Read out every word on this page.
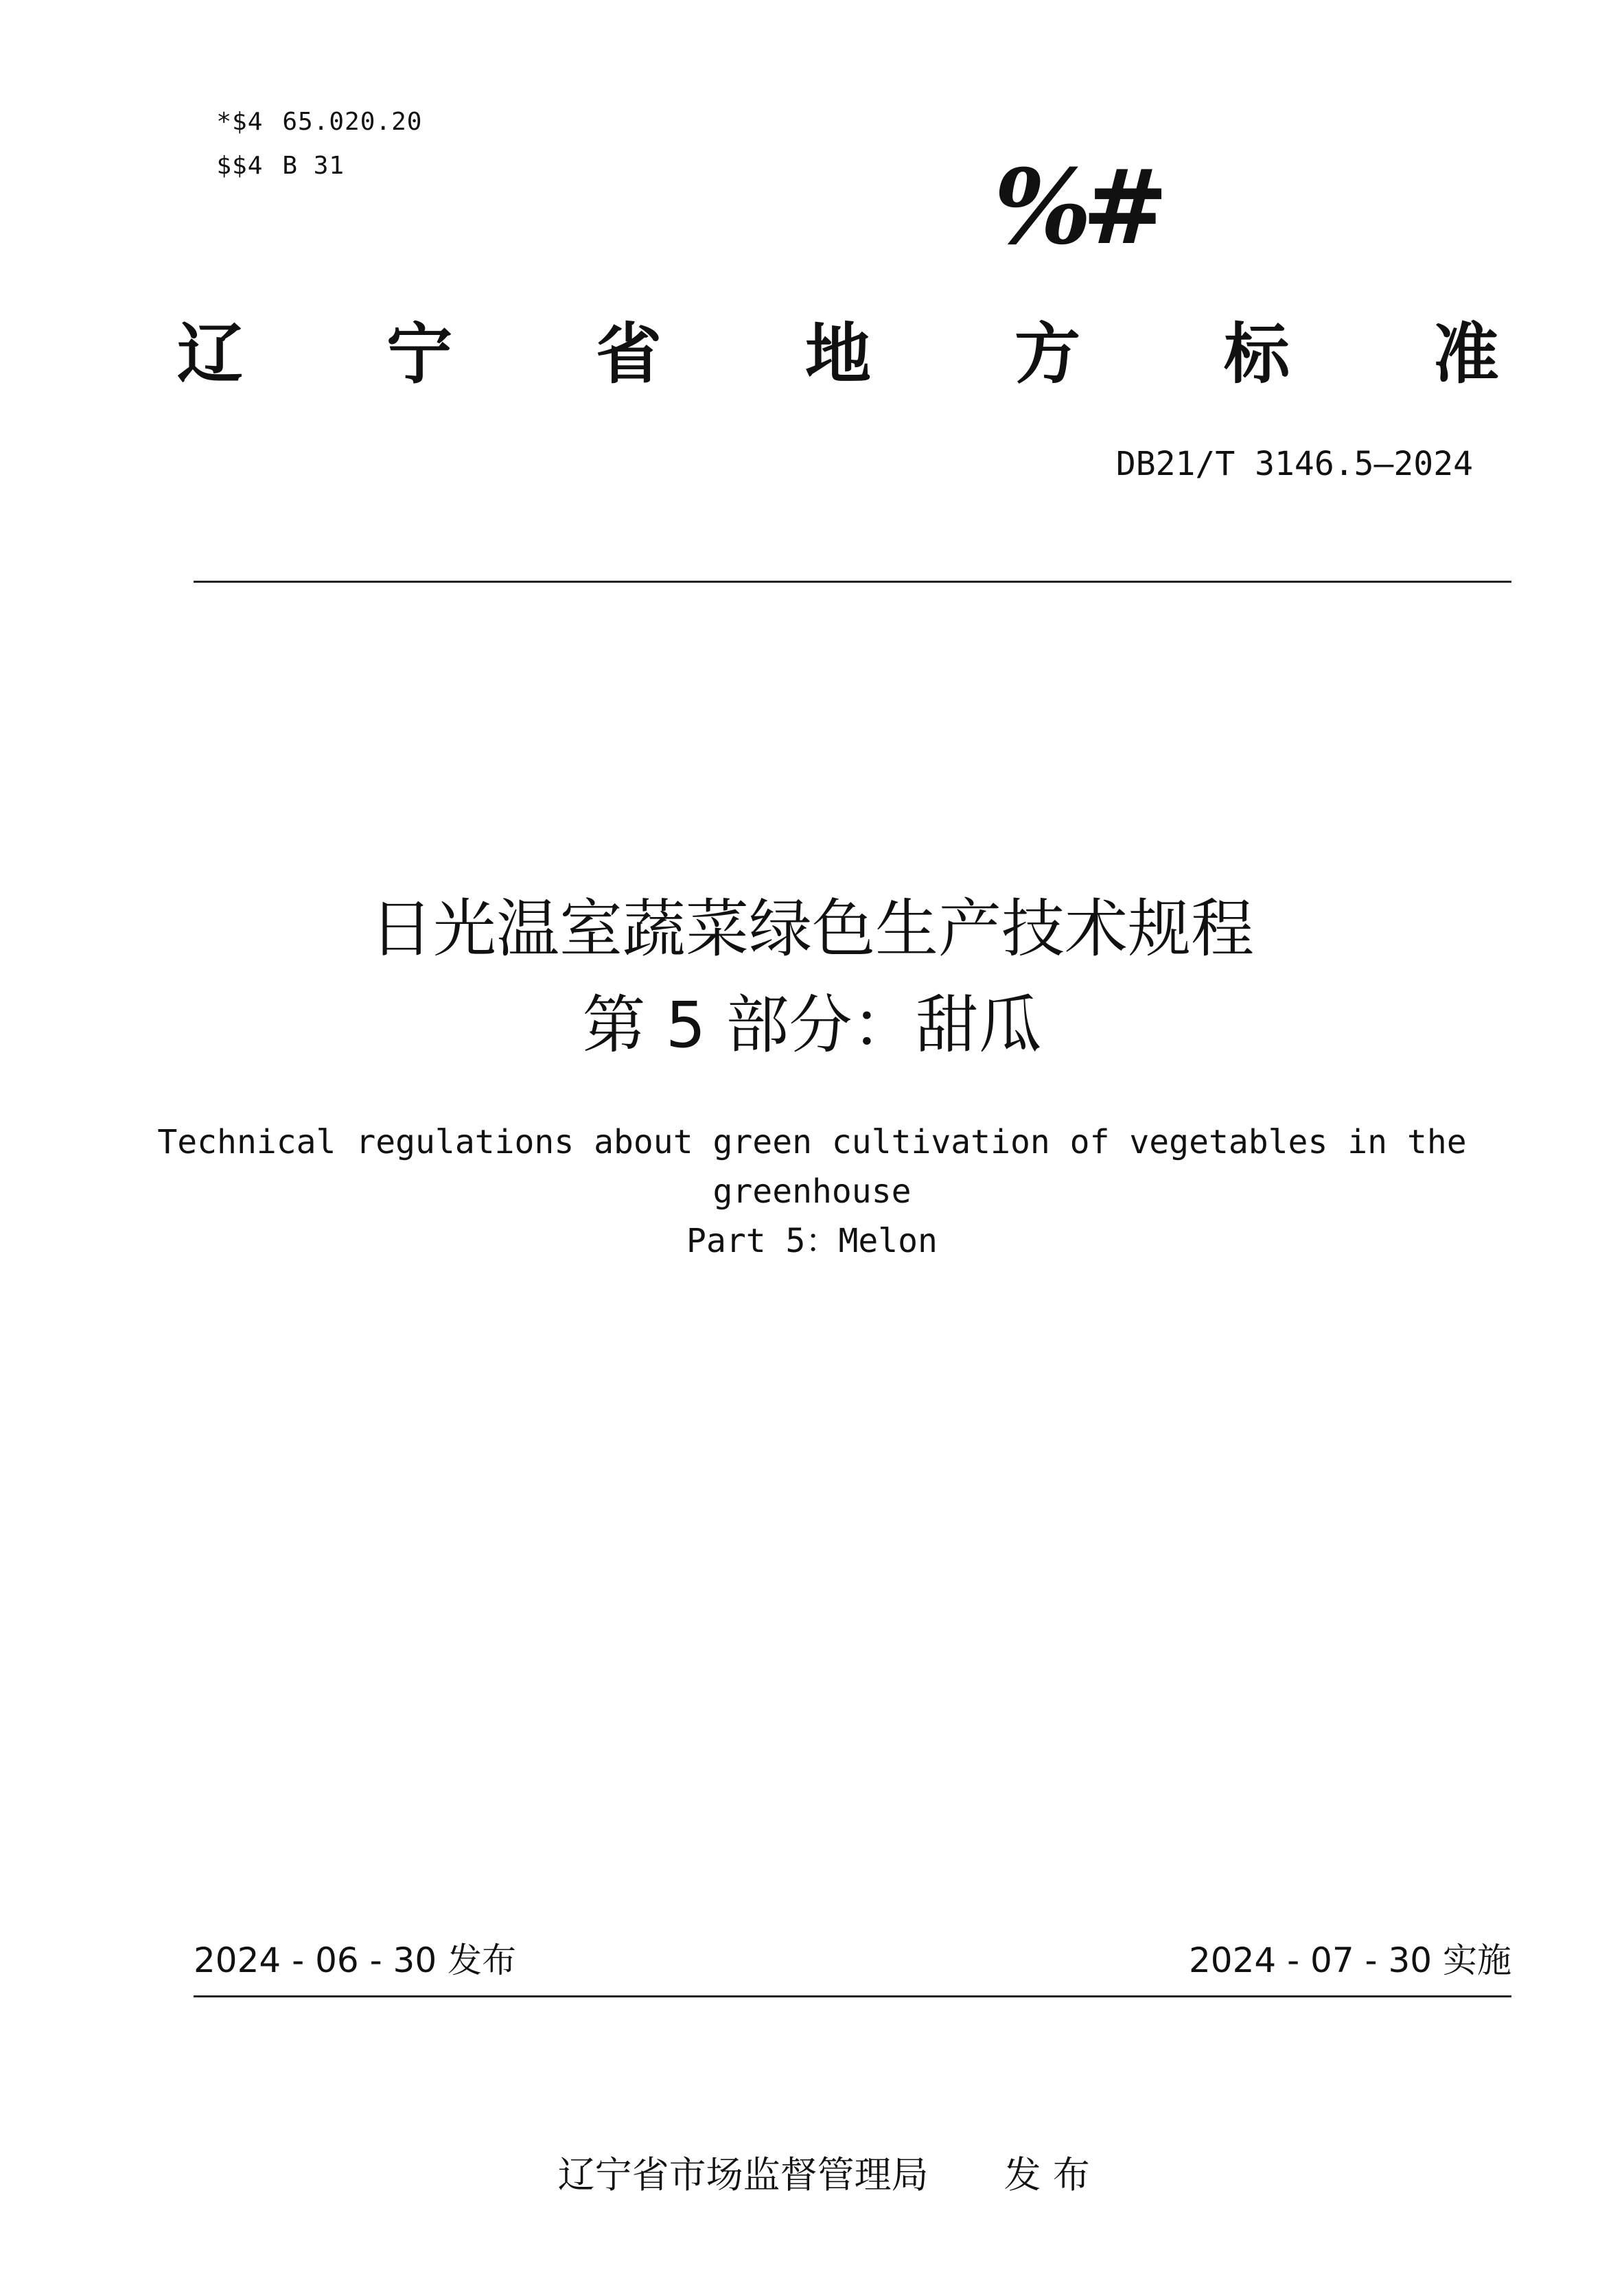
*$4 65.020.20

$$4 B 31	%#
辽 宁 省 地 方 标 准
DB21/T 3146.5—2024
日光温室蔬菜绿色生产技术规程
第 5 部分：甜瓜
Technical regulations about green cultivation of vegetables in the
greenhouse
Part 5：Melon
2024 - 06 - 30 发布	2024 - 07 - 30 实施

辽宁省市场监督管理局 发 布
